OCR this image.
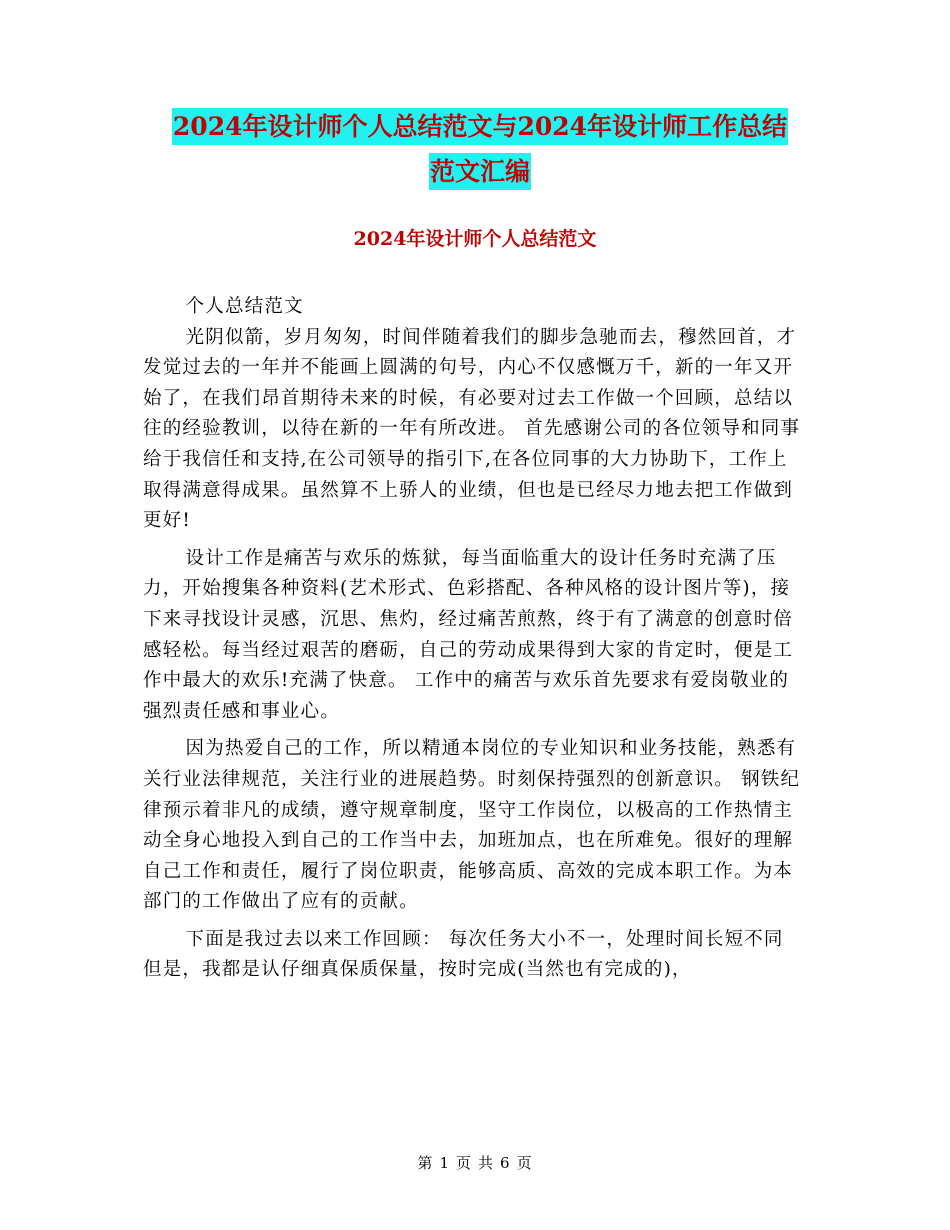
2024年设计师个人总结范文与2024年设计师工作总结
范文汇编
2024年设计师个人总结范文

个人总结范文

光阴似箭，岁月匆匆，时间伴随着我们的脚步急驰而去，穆然回首，才发觉过去的一年并不能画上圆满的句号，内心不仅感慨万千，新的一年又开始了，在我们昂首期待未来的时候，有必要对过去工作做一个回顾，总结以往的经验教训，以待在新的一年有所改进。 首先感谢公司的各位领导和同事给于我信任和支持,在公司领导的指引下,在各位同事的大力协助下，工作上取得满意得成果。虽然算不上骄人的业绩，但也是已经尽力地去把工作做到更好!

设计工作是痛苦与欢乐的炼狱，每当面临重大的设计任务时充满了压力，开始搜集各种资料(艺术形式、色彩搭配、各种风格的设计图片等)，接下来寻找设计灵感，沉思、焦灼，经过痛苦煎熬，终于有了满意的创意时倍感轻松。每当经过艰苦的磨砺，自己的劳动成果得到大家的肯定时，便是工作中最大的欢乐!充满了快意。 工作中的痛苦与欢乐首先要求有爱岗敬业的强烈责任感和事业心。

因为热爱自己的工作，所以精通本岗位的专业知识和业务技能，熟悉有关行业法律规范，关注行业的进展趋势。时刻保持强烈的创新意识。 钢铁纪律预示着非凡的成绩，遵守规章制度，坚守工作岗位，以极高的工作热情主动全身心地投入到自己的工作当中去，加班加点，也在所难免。很好的理解自己工作和责任，履行了岗位职责，能够高质、高效的完成本职工作。为本部门的工作做出了应有的贡献。

下面是我过去以来工作回顾： 每次任务大小不一，处理时间长短不同但是，我都是认仔细真保质保量，按时完成(当然也有完成的)，

第 1 页 共 6 页
